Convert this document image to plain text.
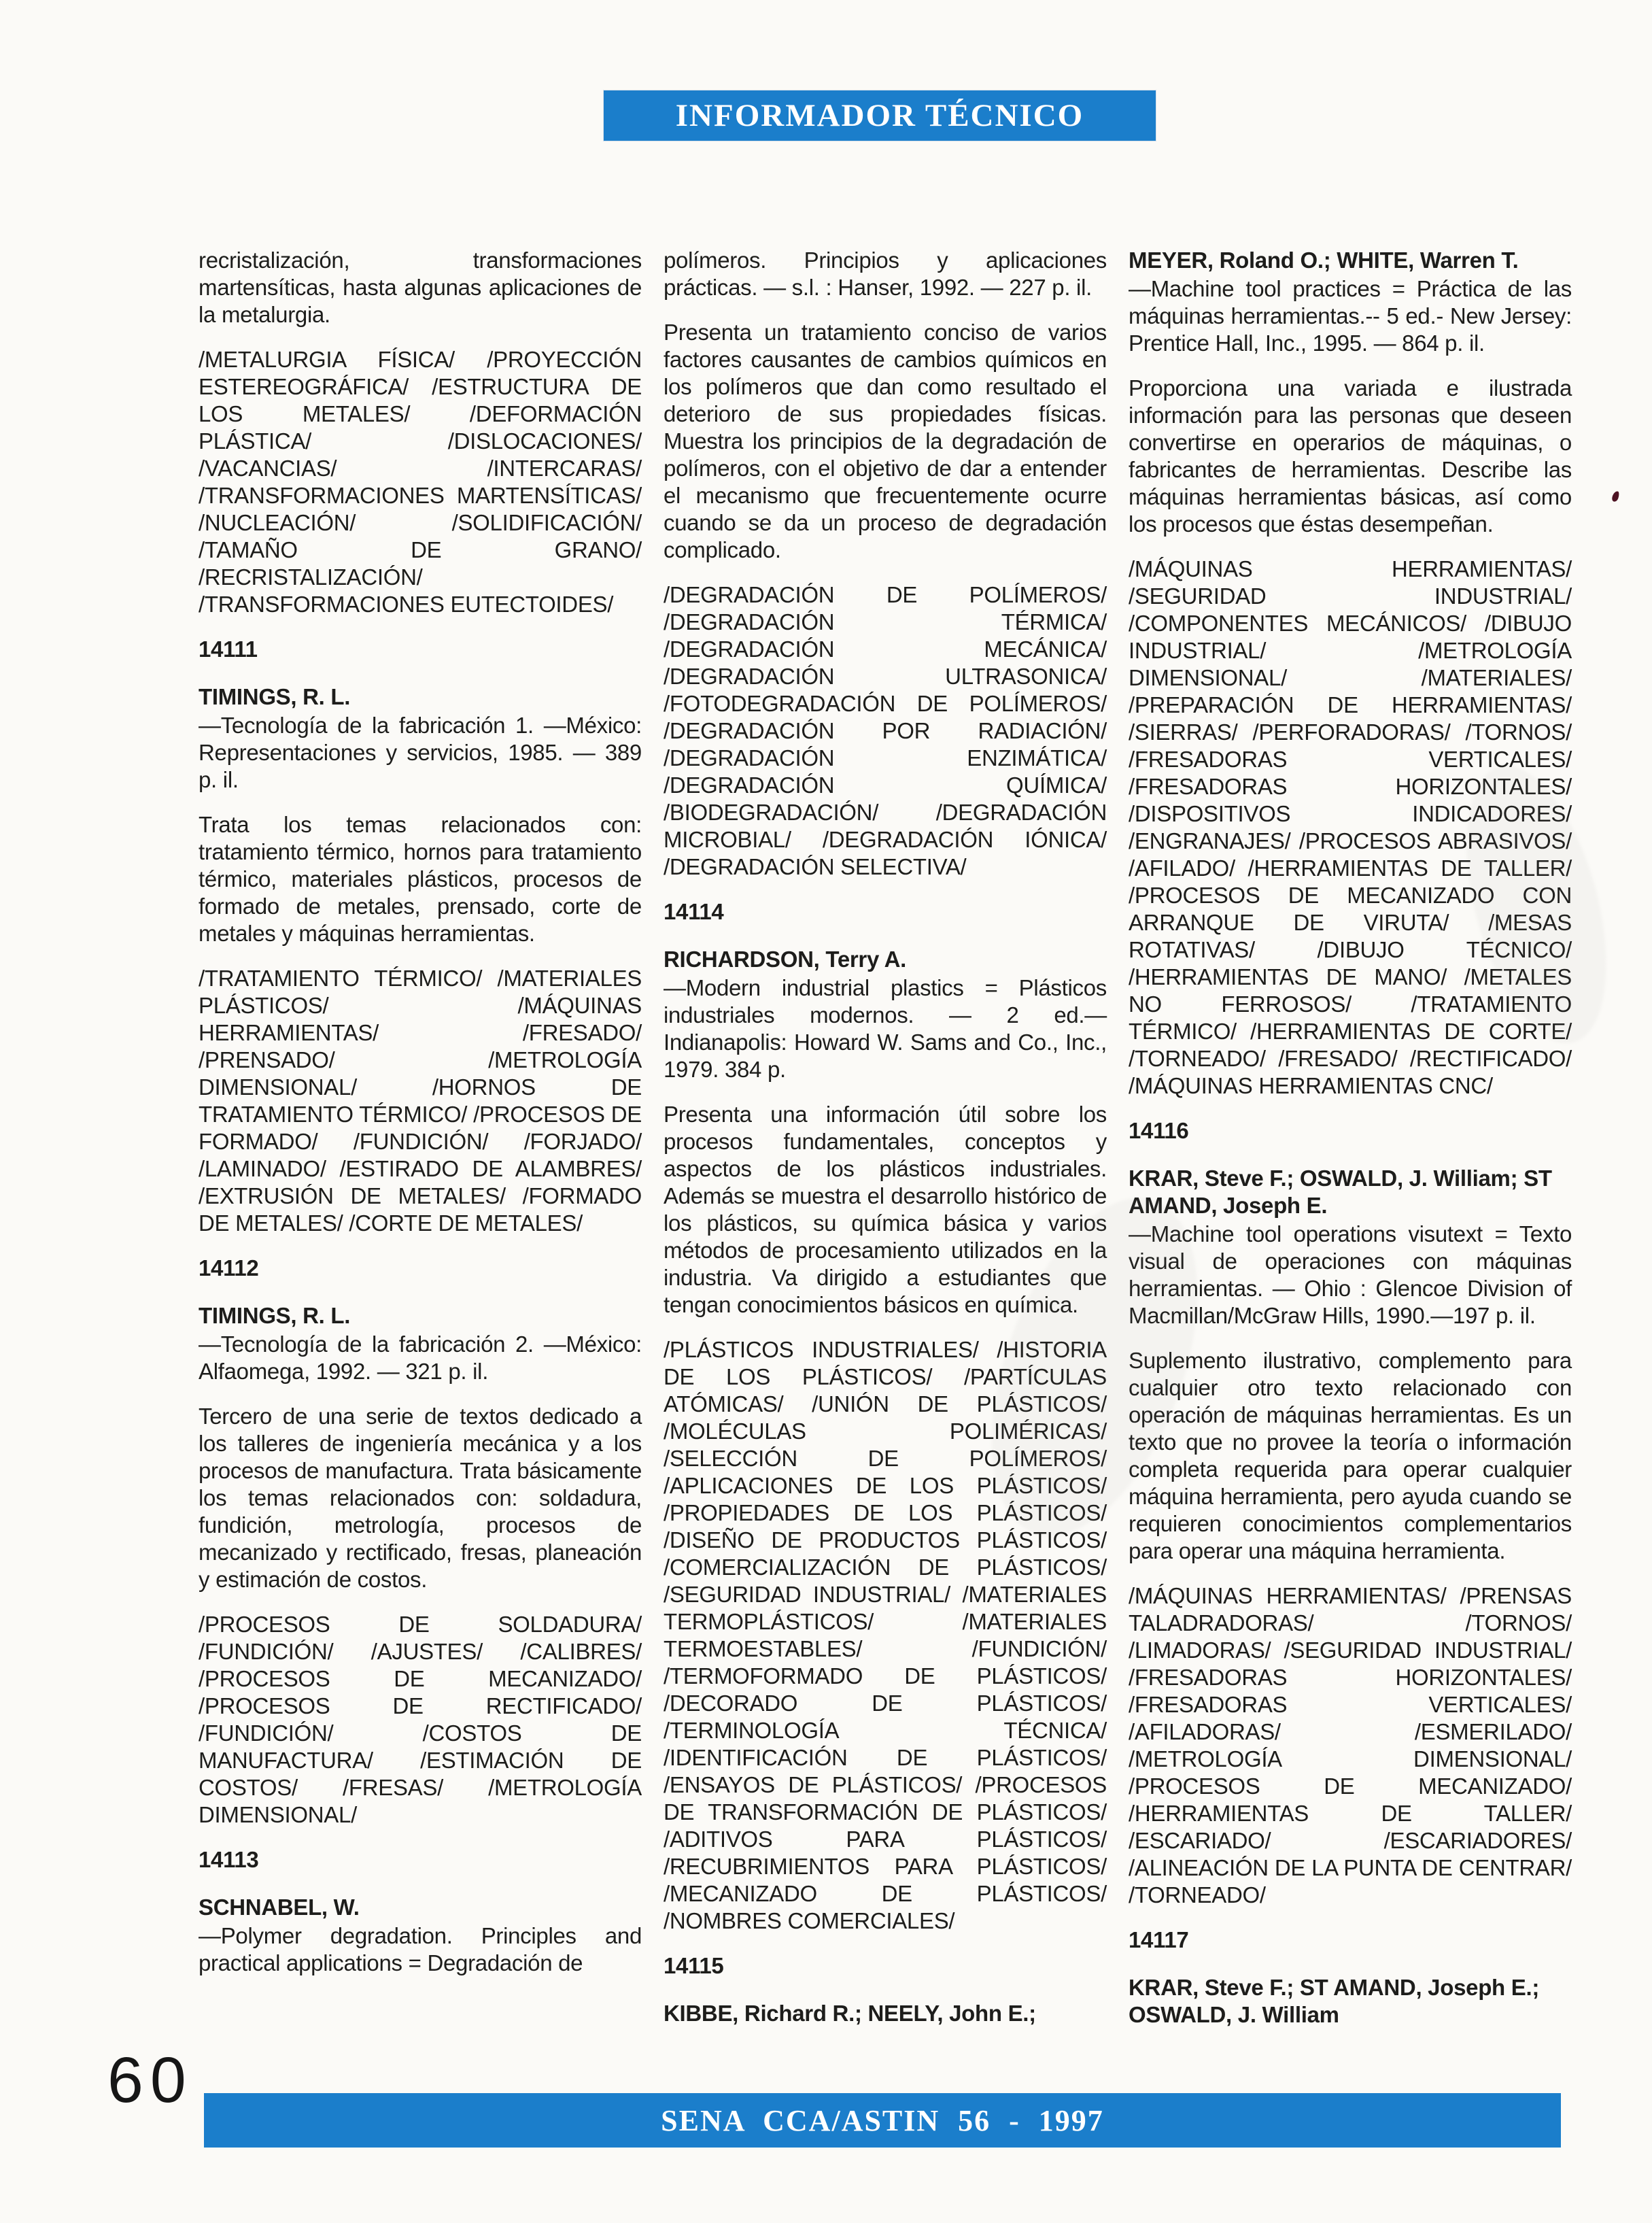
INFORMADOR TÉCNICO
recristalización, transformaciones martensíticas, hasta algunas aplicaciones de la metalurgia.
/METALURGIA FÍSICA/ /PROYECCIÓN ESTEREOGRÁFICA/ /ESTRUCTURA DE LOS METALES/ /DEFORMACIÓN PLÁSTICA/ /DISLOCACIONES/ /VACANCIAS/ /INTERCARAS/ /TRANSFORMACIONES MARTENSÍTICAS/ /NUCLEACIÓN/ /SOLIDIFICACIÓN/ /TAMAÑO DE GRANO/ /RECRISTALIZACIÓN/ /TRANSFORMACIONES EUTECTOIDES/
14111
TIMINGS, R. L.
—Tecnología de la fabricación 1. —México: Representaciones y servicios, 1985. — 389 p. il.
Trata los temas relacionados con: tratamiento térmico, hornos para tratamiento térmico, materiales plásticos, procesos de formado de metales, prensado, corte de metales y máquinas herramientas.
/TRATAMIENTO TÉRMICO/ /MATERIALES PLÁSTICOS/ /MÁQUINAS HERRAMIENTAS/ /FRESADO/ /PRENSADO/ /METROLOGÍA DIMENSIONAL/ /HORNOS DE TRATAMIENTO TÉRMICO/ /PROCESOS DE FORMADO/ /FUNDICIÓN/ /FORJADO/ /LAMINADO/ /ESTIRADO DE ALAMBRES/ /EXTRUSIÓN DE METALES/ /FORMADO DE METALES/ /CORTE DE METALES/
14112
TIMINGS, R. L.
—Tecnología de la fabricación 2. —México: Alfaomega, 1992. — 321 p. il.
Tercero de una serie de textos dedicado a los talleres de ingeniería mecánica y a los procesos de manufactura. Trata básicamente los temas relacionados con: soldadura, fundición, metrología, procesos de mecanizado y rectificado, fresas, planeación y estimación de costos.
/PROCESOS DE SOLDADURA/ /FUNDICIÓN/ /AJUSTES/ /CALIBRES/ /PROCESOS DE MECANIZADO/ /PROCESOS DE RECTIFICADO/ /FUNDICIÓN/ /COSTOS DE MANUFACTURA/ /ESTIMACIÓN DE COSTOS/ /FRESAS/ /METROLOGÍA DIMENSIONAL/
14113
SCHNABEL, W.
—Polymer degradation. Principles and practical applications = Degradación de
polímeros. Principios y aplicaciones prácticas. — s.l. : Hanser, 1992. — 227 p. il.
Presenta un tratamiento conciso de varios factores causantes de cambios químicos en los polímeros que dan como resultado el deterioro de sus propiedades físicas. Muestra los principios de la degradación de polímeros, con el objetivo de dar a entender el mecanismo que frecuentemente ocurre cuando se da un proceso de degradación complicado.
/DEGRADACIÓN DE POLÍMEROS/ /DEGRADACIÓN TÉRMICA/ /DEGRADACIÓN MECÁNICA/ /DEGRADACIÓN ULTRASONICA/ /FOTODEGRADACIÓN DE POLÍMEROS/ /DEGRADACIÓN POR RADIACIÓN/ /DEGRADACIÓN ENZIMÁTICA/ /DEGRADACIÓN QUÍMICA/ /BIODEGRADACIÓN/ /DEGRADACIÓN MICROBIAL/ /DEGRADACIÓN IÓNICA/ /DEGRADACIÓN SELECTIVA/
14114
RICHARDSON, Terry A.
—Modern industrial plastics = Plásticos industriales modernos. — 2 ed.— Indianapolis: Howard W. Sams and Co., Inc., 1979. 384 p.
Presenta una información útil sobre los procesos fundamentales, conceptos y aspectos de los plásticos industriales. Además se muestra el desarrollo histórico de los plásticos, su química básica y varios métodos de procesamiento utilizados en la industria. Va dirigido a estudiantes que tengan conocimientos básicos en química.
/PLÁSTICOS INDUSTRIALES/ /HISTORIA DE LOS PLÁSTICOS/ /PARTÍCULAS ATÓMICAS/ /UNIÓN DE PLÁSTICOS/ /MOLÉCULAS POLIMÉRICAS/ /SELECCIÓN DE POLÍMEROS/ /APLICACIONES DE LOS PLÁSTICOS/ /PROPIEDADES DE LOS PLÁSTICOS/ /DISEÑO DE PRODUCTOS PLÁSTICOS/ /COMERCIALIZACIÓN DE PLÁSTICOS/ /SEGURIDAD INDUSTRIAL/ /MATERIALES TERMOPLÁSTICOS/ /MATERIALES TERMOESTABLES/ /FUNDICIÓN/ /TERMOFORMADO DE PLÁSTICOS/ /DECORADO DE PLÁSTICOS/ /TERMINOLOGÍA TÉCNICA/ /IDENTIFICACIÓN DE PLÁSTICOS/ /ENSAYOS DE PLÁSTICOS/ /PROCESOS DE TRANSFORMACIÓN DE PLÁSTICOS/ /ADITIVOS PARA PLÁSTICOS/ /RECUBRIMIENTOS PARA PLÁSTICOS/ /MECANIZADO DE PLÁSTICOS/ /NOMBRES COMERCIALES/
14115
KIBBE, Richard R.; NEELY, John E.;
MEYER, Roland O.; WHITE, Warren T.
—Machine tool practices = Práctica de las máquinas herramientas.-- 5 ed.- New Jersey: Prentice Hall, Inc., 1995. — 864 p. il.
Proporciona una variada e ilustrada información para las personas que deseen convertirse en operarios de máquinas, o fabricantes de herramientas. Describe las máquinas herramientas básicas, así como los procesos que éstas desempeñan.
/MÁQUINAS HERRAMIENTAS/ /SEGURIDAD INDUSTRIAL/ /COMPONENTES MECÁNICOS/ /DIBUJO INDUSTRIAL/ /METROLOGÍA DIMENSIONAL/ /MATERIALES/ /PREPARACIÓN DE HERRAMIENTAS/ /SIERRAS/ /PERFORADORAS/ /TORNOS/ /FRESADORAS VERTICALES/ /FRESADORAS HORIZONTALES/ /DISPOSITIVOS INDICADORES/ /ENGRANAJES/ /PROCESOS ABRASIVOS/ /AFILADO/ /HERRAMIENTAS DE TALLER/ /PROCESOS DE MECANIZADO CON ARRANQUE DE VIRUTA/ /MESAS ROTATIVAS/ /DIBUJO TÉCNICO/ /HERRAMIENTAS DE MANO/ /METALES NO FERROSOS/ /TRATAMIENTO TÉRMICO/ /HERRAMIENTAS DE CORTE/ /TORNEADO/ /FRESADO/ /RECTIFICADO/ /MÁQUINAS HERRAMIENTAS CNC/
14116
KRAR, Steve F.; OSWALD, J. William; ST AMAND, Joseph E.
—Machine tool operations visutext = Texto visual de operaciones con máquinas herramientas. — Ohio : Glencoe Division of Macmillan/McGraw Hills, 1990.—197 p. il.
Suplemento ilustrativo, complemento para cualquier otro texto relacionado con operación de máquinas herramientas. Es un texto que no provee la teoría o información completa requerida para operar cualquier máquina herramienta, pero ayuda cuando se requieren conocimientos complementarios para operar una máquina herramienta.
/MÁQUINAS HERRAMIENTAS/ /PRENSAS TALADRADORAS/ /TORNOS/ /LIMADORAS/ /SEGURIDAD INDUSTRIAL/ /FRESADORAS HORIZONTALES/ /FRESADORAS VERTICALES/ /AFILADORAS/ /ESMERILADO/ /METROLOGÍA DIMENSIONAL/ /PROCESOS DE MECANIZADO/ /HERRAMIENTAS DE TALLER/ /ESCARIADO/ /ESCARIADORES/ /ALINEACIÓN DE LA PUNTA DE CENTRAR/ /TORNEADO/
14117
KRAR, Steve F.; ST AMAND, Joseph E.; OSWALD, J. William
60
SENA CCA/ASTIN 56 - 1997
